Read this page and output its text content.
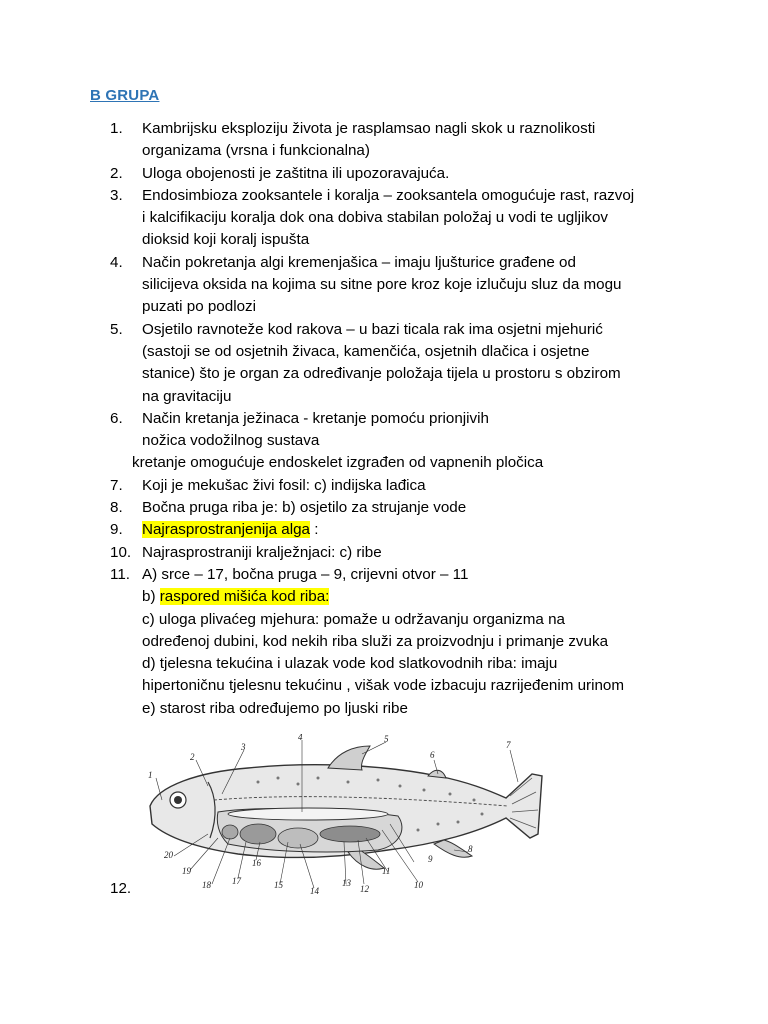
B GRUPA
1.	Kambrijsku eksploziju života je rasplamsao nagli skok u raznolikosti
organizama (vrsna i funkcionalna)
2.	Uloga obojenosti je zaštitna ili upozoravajuća.
3.	Endosimbioza zooksantele i koralja – zooksantela omogućuje rast, razvoj
i kalcifikaciju koralja dok ona dobiva stabilan položaj u vodi te ugljikov
dioksid koji koralj ispušta
4.	Način pokretanja algi kremenjašica – imaju ljušturice građene od
silicijeva oksida na kojima su sitne pore kroz koje izlučuju sluz da mogu
puzati po podlozi
5.	Osjetilo ravnoteže kod rakova – u bazi ticala rak ima osjetni mjehurić
(sastoji se od osjetnih živaca, kamenčića, osjetnih dlačica i osjetne
stanice) što je organ za određivanje položaja tijela u prostoru s obzirom
na gravitaciju
6.	Način kretanja ježinaca - kretanje pomoću prionjivih
nožica vodožilnog sustava
kretanje omogućuje endoskelet izgrađen od vapnenih pločica
7.	Koji je mekušac živi fosil: c) indijska lađica
8.	Bočna pruga riba je: b) osjetilo za strujanje vode
9.	Najrasprostranjenija alga :
10. Najrasprostraniji kralježnjaci: c) ribe
11. A) srce – 17, bočna pruga – 9, crijevni otvor – 11
b) raspored mišića kod riba:
c) uloga plivaćeg mjehura: pomaže u održavanju organizma na
određenoj dubini, kod nekih riba služi za proizvodnju i primanje zvuka
d) tjelesna tekućina i ulazak vode kod slatkovodnih riba: imaju
hipertoničnu tjelesnu tekućinu , višak vode izbacuju razrijeđenim urinom
e) starost riba određujemo po ljuski ribe
12.
1
2
3
4	5
6
7
8
9
10
11
12
13
14
15
16
17
18
19
20
